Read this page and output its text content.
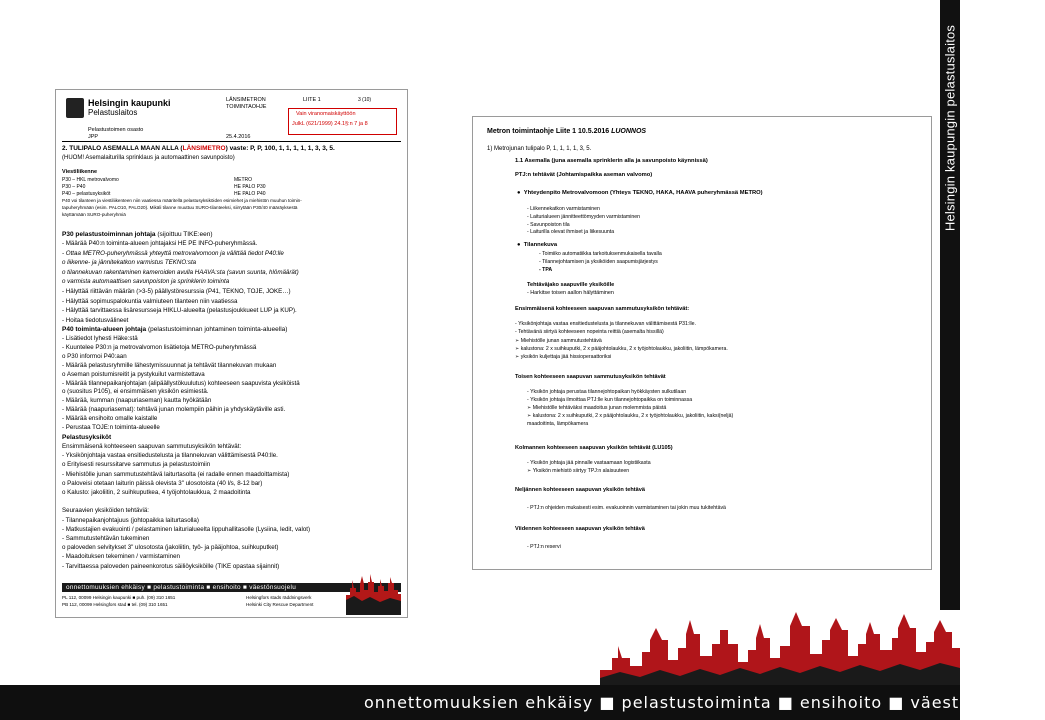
Helsingin kaupungin pelastuslaitos
Helsingin kaupunki
Pelastuslaitos
LÄNSIMETRON
TOIMINTAOHJE
LIITE 1	3 (10)
Pelastustoimen osasto
JPP	25.4.2016
Vain viranomaiskäyttöön
JulkL (621/1999) 24.1§:n 7 ja 8
2. TULIPALO ASEMALLA MAAN ALLA (LÄNSIMETRO) vaste: P, P, 100, 1, 1, 1, 1, 1, 3, 3, 5.
(HUOM! Asemalaiturilla sprinklaus ja automaattinen savunpoisto)
Viestiliikenne
P30 – HKL metrovalvomo	METRO
P30 – P40	HE PALO P30
P40 – pelastusyksiköt	HE PALO P40
P40 voi tilanteen ja viestiliikenteen niin vaatiessa määritellä pelastusyksiköiden esimiehet ja miehistön muuhun toimin-
tapuheryhmään (esim. PALO10, PALO20). Mikäli tilanne muuttuu SURO-tilanteeksi, siirrytään P30/40 määräyksestä
käyttämään SURO-puheryhmiä
P30 pelastustoiminnan johtaja (sijoittuu TIKE:een)
- Määrää P40:n toiminta-alueen johtajaksi HE PE INFO-puheryhmässä.
- Ottaa METRO-puheryhmässä yhteyttä metrovalvomoon ja välittää tiedot P40:lle
o liikenne- ja jännitekatkon varmistus TEKNO:sta
o tilannekuvan rakentaminen kameroiden avulla HAAVA:sta (savun suunta, hlömäärät)
o varmista automaattisen savunpoiston ja sprinklerin toiminta
- Hälyttää riittävän määrän (>3-5) päällystöresurssia (P41, TEKNO, TOJE, JOKE…)
- Hälyttää sopimuspalokuntia valmiuteen tilanteen niin vaatiessa
- Hälyttää tarvittaessa lisäresursseja HIKLU-alueelta (pelastusjoukkueet LUP ja KUP).
- Hoitaa tiedotusvälineet
P40 toiminta-alueen johtaja (pelastustoiminnan johtaminen toiminta-alueella)
- Lisätiedot lyhesti Häke:stä
- Kuuntelee P30:n ja metrovalvomon lisätietoja METRO-puheryhmässä
o P30 informoi P40:aan
- Määrää pelastusryhmille lähestymissuunnat ja tehtävät tilannekuvan mukaan
o Aseman poistumisreitit ja pystykuilut varmistettava
- Määrää tilannepaikanjohtajan (alipäällystökuulutus) kohteeseen saapuvista yksiköistä
o (suositus P105), ei ensimmäisen yksikön esimiestä.
- Määrää, kumman (naapuriaseman) kautta hyökätään
- Määrää (naapuriasemat): tehtävä junan molempiin päihin ja yhdyskäytäville asti.
- Määrää ensihoito omalle kaistalle
- Perustaa TOJE:n toiminta-alueelle
Pelastusyksiköt
Ensimmäisenä kohteeseen saapuvan sammutusyksikön tehtävät:
- Yksikönjohtaja vastaa ensitiedustelusta ja tilannekuvan välittämisestä P40:lle.
o Erityisesti resurssitarve sammutus ja pelastustoimiin
- Miehistölle junan sammutustehtävä laiturtasolta (ei radalle ennen maadoittamista)
o Paloveisi otetaan laiturin päissä olevista 3" ulosotoista (40 l/s, 8-12 bar)
o Kalusto: jakoliitin, 2 suihkuputkea, 4 työjohtolaukkua, 2 maadoitinta
Seuraavien yksiköiden tehtäviä:
- Tilannepaikanjohtajuus (johtopaikka laiturtasolla)
- Matkustajien evakuointi / pelastaminen laiturialueelta lippuhallitasolle (Lysiina, ledit, valot)
- Sammutustehtävän tukeminen
o paloveden selvitykset 3" ulosotosta (jakoliitin, työ- ja pääjohtoa, suihkuputket)
- Maadoituksen tekeminen / varmistaminen
- Tarvittaessa paloveden paineenkorotus säiliöyksiköille (TIKE opastaa sijainnit)
onnettomuuksien ehkäisy ■ pelastustoiminta ■ ensihoito ■ väestönsuojelu
PL 112, 00099 Helsingin kaupunki ■ puh. (09) 310 1651
PB 112, 00099 Helsingfors stad ■ tel. (09) 310 1651
Helsingfors stads räddningsverk
Helsinki City Rescue Department
Metron toimintaohje Liite 1 10.5.2016 LUONNOS
1) Metrojunan tulipalo P, 1, 1, 1, 1, 3, 5.
1.1 Asemalla (juna asemalla sprinklerin alla ja savunpoisto käynnissä)
PTJ:n tehtävät (Johtamispaikka aseman valvomo)
●  Yhteydenpito Metrovalvomoon (Yhteys TEKNO, HAKA, HAAVA puheryhmässä METRO)
- Liikennekatkon varmistaminen
- Laiturialueen jännitteettömyyden varmistaminen
- Savunpoiston tila
- Laiturilla olevat ihmiset ja liikesuunta
●  Tilannekuva
- Toimiiko automatiikka tarkoituksenmukaisella tavalla
- Tilannejohtamisen ja yksiköiden saapumisjärjestys
- TPA
Tehtäväjako saapuville yksiköille
- Harkitse toisen aallon hälyttäminen
Ensimmäisenä kohteeseen saapuvan sammutusyksikön tehtävät:
- Yksikönjohtaja vastaa ensitiedustelusta ja tilannekuvan välittämisestä P31:lle.
- Tehtävänä siirtyä kohteeseen nopeinta reittiä (asemalta hissillä)
➢ Miehistölle junan sammutustehtävä
➢ kalustona: 2 x suihkuputki, 2 x pääjohtolaukku, 2 x työjohtolaukku, jakoliitin, lämpökamera.
➢ yksikön kuljettaja jää hissioperaattoriksi
Toisen kohteeseen saapuvan sammutusyksikön tehtävät
- Yksikön johtaja perustaa tilannejohtopaikan hyökkäysten sulkutilaan
- Yksikön johtaja ilmoittaa PTJ:lle kun tilannejohtopaikka on toiminnassa
➢ Miehistölle tehtäväksi maadoitus junan molemmista päistä
➢ kalustona: 2 x suihkuputki, 2 x pääjohtolaukku, 2 x työjohtolaukku, jakoliitin, kaksi(neljä)
maadoitinta, lämpökamera
Kolmannen kohteeseen saapuvan yksikön tehtävät (LU105)
- Yksikön johtaja jää pinnalle vastaamaan logistiikasta
➢ Yksikön miehistö siirtyy TPJ:n alaisuuteen
Neljännen kohteeseen saapuvan yksikön tehtävä
- PTJ:n ohjeiden mukaisesti esim. evakuoinnin varmistaminen tai jokin muu tukitehtävä
Viidennen kohteeseen saapuvan yksikön tehtävä
- PTJ:n reservi
onnettomuuksien ehkäisy ■ pelastustoiminta ■ ensihoito ■ väestönsuojelu
